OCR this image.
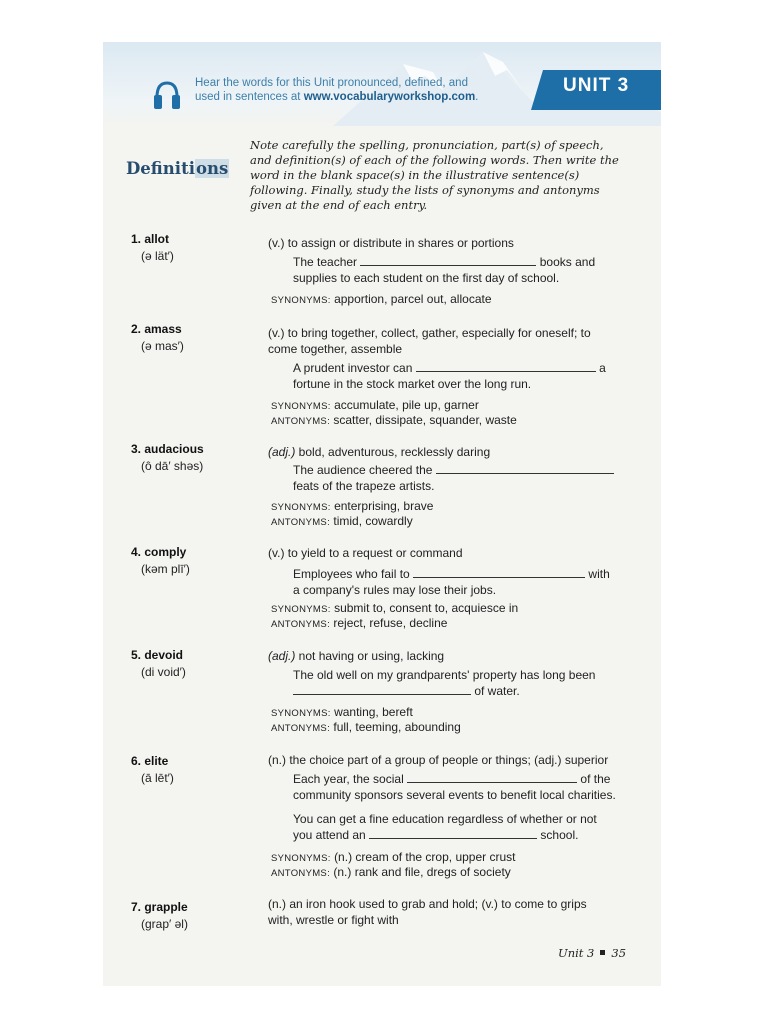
Hear the words for this Unit pronounced, defined, and
used in sentences at www.vocabularyworkshop.com.
UNIT 3
Definitions
Note carefully the spelling, pronunciation, part(s) of speech, and definition(s) of each of the following words. Then write the word in the blank space(s) in the illustrative sentence(s) following. Finally, study the lists of synonyms and antonyms given at the end of each entry.
1. allot
(ə lät′)
(v.) to assign or distribute in shares or portions
The teacher	books and
supplies to each student on the first day of school.
SYNONYMS: apportion, parcel out, allocate
2. amass
(ə mas′)
(v.) to bring together, collect, gather, especially for oneself; to
come together, assemble
A prudent investor can	a
fortune in the stock market over the long run.
SYNONYMS: accumulate, pile up, garner
ANTONYMS: scatter, dissipate, squander, waste
3. audacious
(ô dā′ shəs)
(adj.) bold, adventurous, recklessly daring
The audience cheered the
feats of the trapeze artists.
SYNONYMS: enterprising, brave
ANTONYMS: timid, cowardly
4. comply
(kəm plī′)
(v.) to yield to a request or command
Employees who fail to	with
a company's rules may lose their jobs.
SYNONYMS: submit to, consent to, acquiesce in
ANTONYMS: reject, refuse, decline
5. devoid
(di void′)
(adj.) not having or using, lacking
The old well on my grandparents' property has long been
of water.
SYNONYMS: wanting, bereft
ANTONYMS: full, teeming, abounding
6. elite
(ā lēt′)
(n.) the choice part of a group of people or things; (adj.) superior
Each year, the social	of the
community sponsors several events to benefit local charities.
You can get a fine education regardless of whether or not
you attend an	school.
SYNONYMS: (n.) cream of the crop, upper crust
ANTONYMS: (n.) rank and file, dregs of society
7. grapple
(grap′ əl)
(n.) an iron hook used to grab and hold; (v.) to come to grips
with, wrestle or fight with
Unit 3 35
